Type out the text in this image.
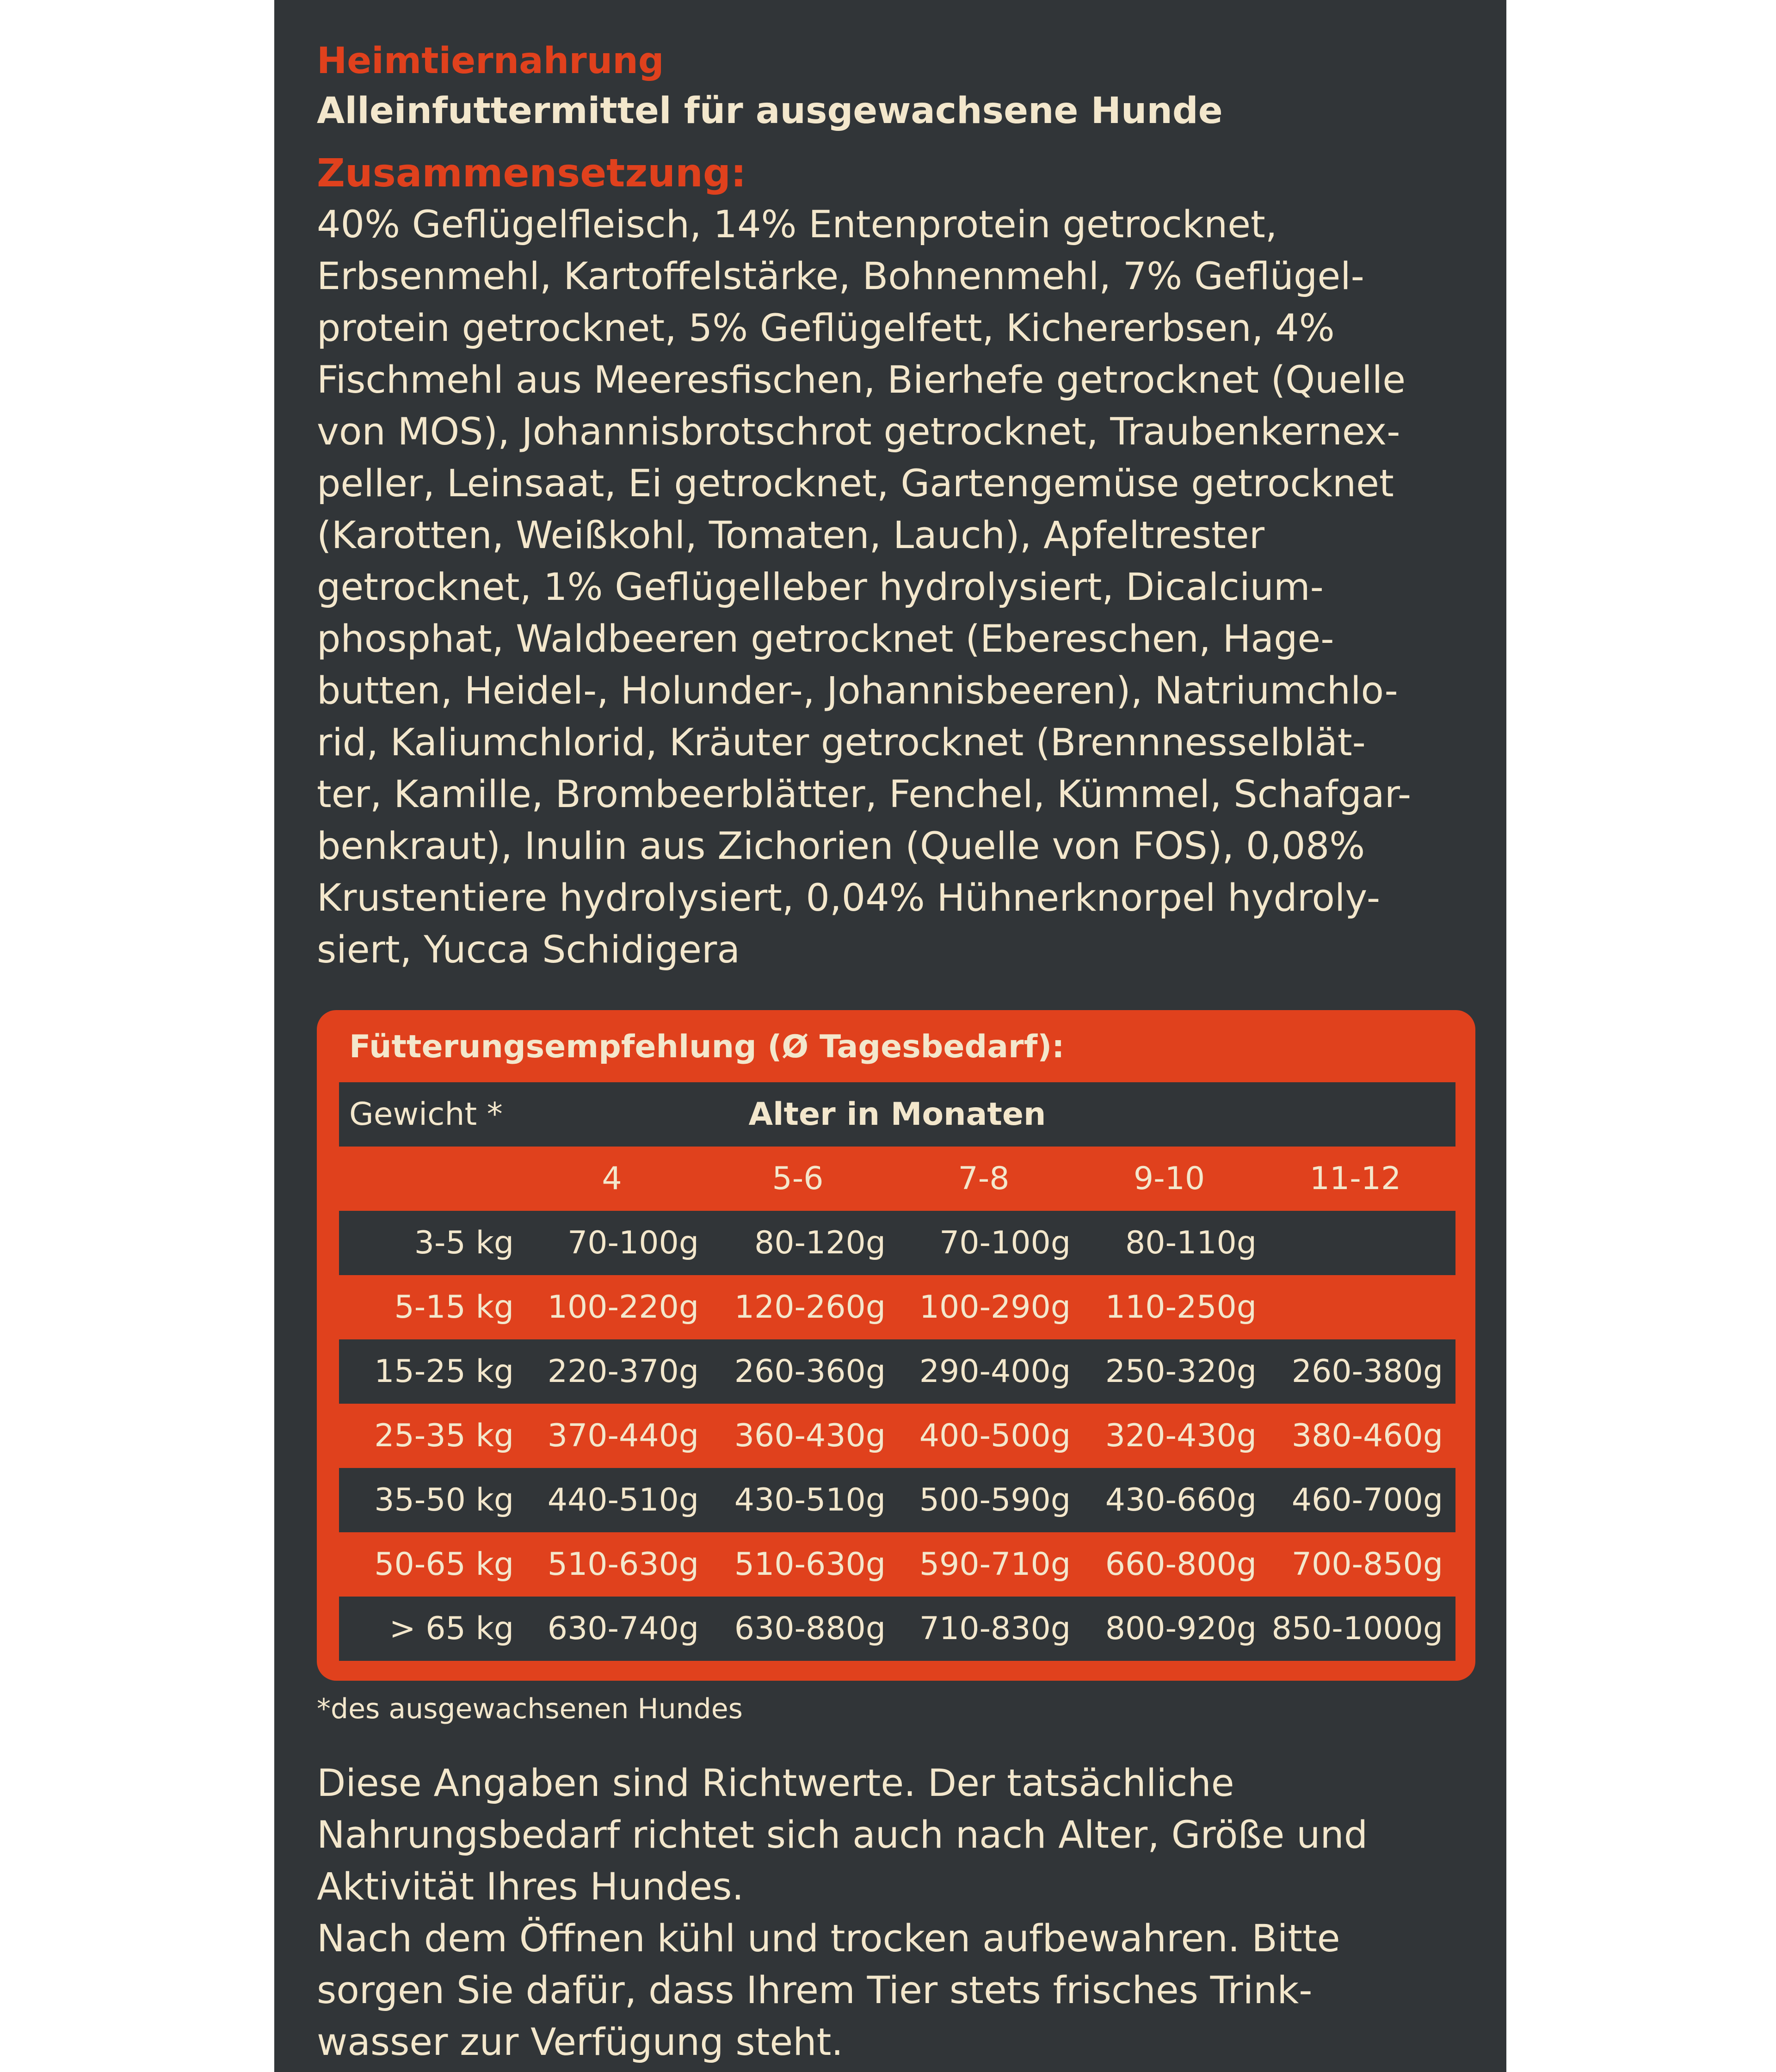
Heimtiernahrung
Alleinfuttermittel für ausgewachsene Hunde
Zusammensetzung:
40% Geflügelfleisch, 14% Entenprotein getrocknet,
Erbsenmehl, Kartoffelstärke, Bohnenmehl, 7% Geflügel-
protein getrocknet, 5% Geflügelfett, Kichererbsen, 4%
Fischmehl aus Meeresfischen, Bierhefe getrocknet (Quelle
von MOS), Johannisbrotschrot getrocknet, Traubenkernex-
peller, Leinsaat, Ei getrocknet, Gartengemüse getrocknet
(Karotten, Weißkohl, Tomaten, Lauch), Apfeltrester
getrocknet, 1% Geflügelleber hydrolysiert, Dicalcium-
phosphat, Waldbeeren getrocknet (Ebereschen, Hage-
butten, Heidel-, Holunder-, Johannisbeeren), Natriumchlo-
rid, Kaliumchlorid, Kräuter getrocknet (Brennnesselblät-
ter, Kamille, Brombeerblätter, Fenchel, Kümmel, Schafgar-
benkraut), Inulin aus Zichorien (Quelle von FOS), 0,08%
Krustentiere hydrolysiert, 0,04% Hühnerknorpel hydroly-
siert, Yucca Schidigera
Fütterungsempfehlung (Ø Tagesbedarf):
Alter in Monaten
Gewicht *
4	5-6	7-8	9-10	11-12
3-5 kg	70-100g	80-120g	70-100g	80-110g
5-15 kg	100-220g	120-260g	100-290g	110-250g
15-25 kg	220-370g	260-360g	290-400g	250-320g	260-380g
25-35 kg	370-440g	360-430g	400-500g	320-430g	380-460g
35-50 kg	440-510g	430-510g	500-590g	430-660g	460-700g
50-65 kg	510-630g	510-630g	590-710g	660-800g	700-850g
> 65 kg	630-740g	630-880g	710-830g	800-920g 850-1000g
*des ausgewachsenen Hundes
Diese Angaben sind Richtwerte. Der tatsächliche
Nahrungsbedarf richtet sich auch nach Alter, Größe und
Aktivität Ihres Hundes.
Nach dem Öffnen kühl und trocken aufbewahren. Bitte
sorgen Sie dafür, dass Ihrem Tier stets frisches Trink-
wasser zur Verfügung steht.
